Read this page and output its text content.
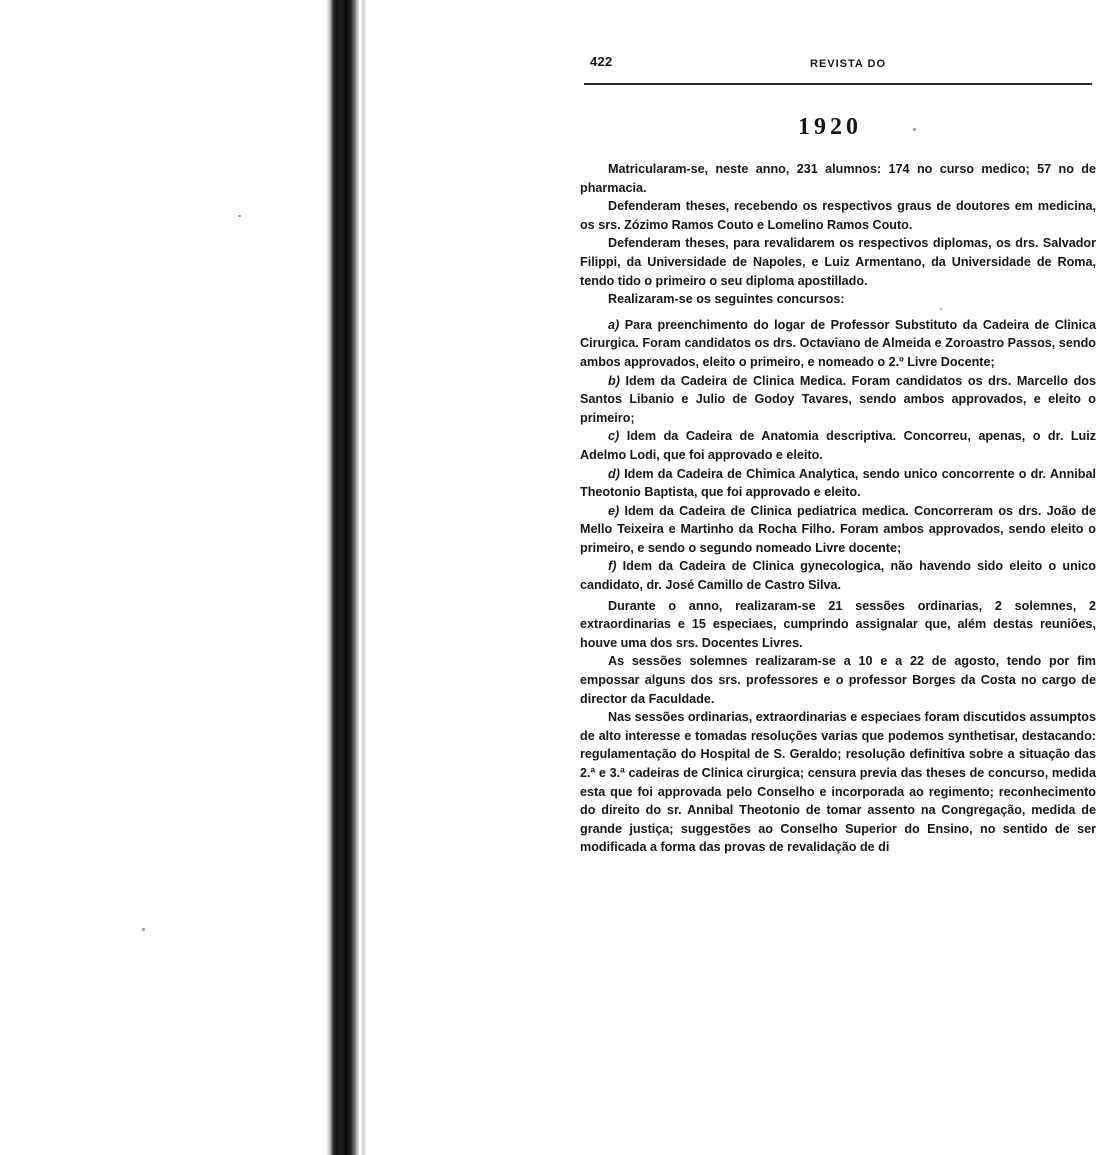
422	REVISTA DO
1920

Matricularam-se, neste anno, 231 alumnos: 174 no curso medico; 57 no de pharmacia.

Defenderam theses, recebendo os respectivos graus de doutores em medicina, os srs. Zózimo Ramos Couto e Lomelino Ramos Couto.

Defenderam theses, para revalidarem os respectivos diplomas, os drs. Salvador Filippi, da Universidade de Napoles, e Luiz Armentano, da Universidade de Roma, tendo tido o primeiro o seu diploma apostillado.

Realizaram-se os seguintes concursos:

a) Para preenchimento do logar de Professor Substituto da Cadeira de Clinica Cirurgica. Foram candidatos os drs. Octaviano de Almeida e Zoroastro Passos, sendo ambos approvados, eleito o primeiro, e nomeado o 2.º Livre Docente;

b) Idem da Cadeira de Clinica Medica. Foram candidatos os drs. Marcello dos Santos Libanio e Julio de Godoy Tavares, sendo ambos approvados, e eleito o primeiro;

c) Idem da Cadeira de Anatomia descriptiva. Concorreu, apenas, o dr. Luiz Adelmo Lodi, que foi approvado e eleito.

d) Idem da Cadeira de Chimica Analytica, sendo unico concorrente o dr. Annibal Theotonio Baptista, que foi approvado e eleito.

e) Idem da Cadeira de Clinica pediatrica medica. Concorreram os drs. João de Mello Teixeira e Martinho da Rocha Filho. Foram ambos approvados, sendo eleito o primeiro, e sendo o segundo nomeado Livre docente;

f) Idem da Cadeira de Clinica gynecologica, não havendo sido eleito o unico candidato, dr. José Camillo de Castro Silva.

Durante o anno, realizaram-se 21 sessões ordinarias, 2 solemnes, 2 extraordinarias e 15 especiaes, cumprindo assignalar que, além destas reuniões, houve uma dos srs. Docentes Livres.

As sessões solemnes realizaram-se a 10 e a 22 de agosto, tendo por fim empossar alguns dos srs. professores e o professor Borges da Costa no cargo de director da Faculdade.

Nas sessões ordinarias, extraordinarias e especiaes foram discutidos assumptos de alto interesse e tomadas resoluções varias que podemos synthetisar, destacando: regulamentação do Hospital de S. Geraldo; resolução definitiva sobre a situação das 2.ª e 3.ª cadeiras de Clinica cirurgica; censura previa das theses de concurso, medida esta que foi approvada pelo Conselho e incorporada ao regimento; reconhecimento do direito do sr. Annibal Theotonio de tomar assento na Congregação, medida de grande justiça; suggestões ao Conselho Superior do Ensino, no sentido de ser modificada a forma das provas de revalidação de di
